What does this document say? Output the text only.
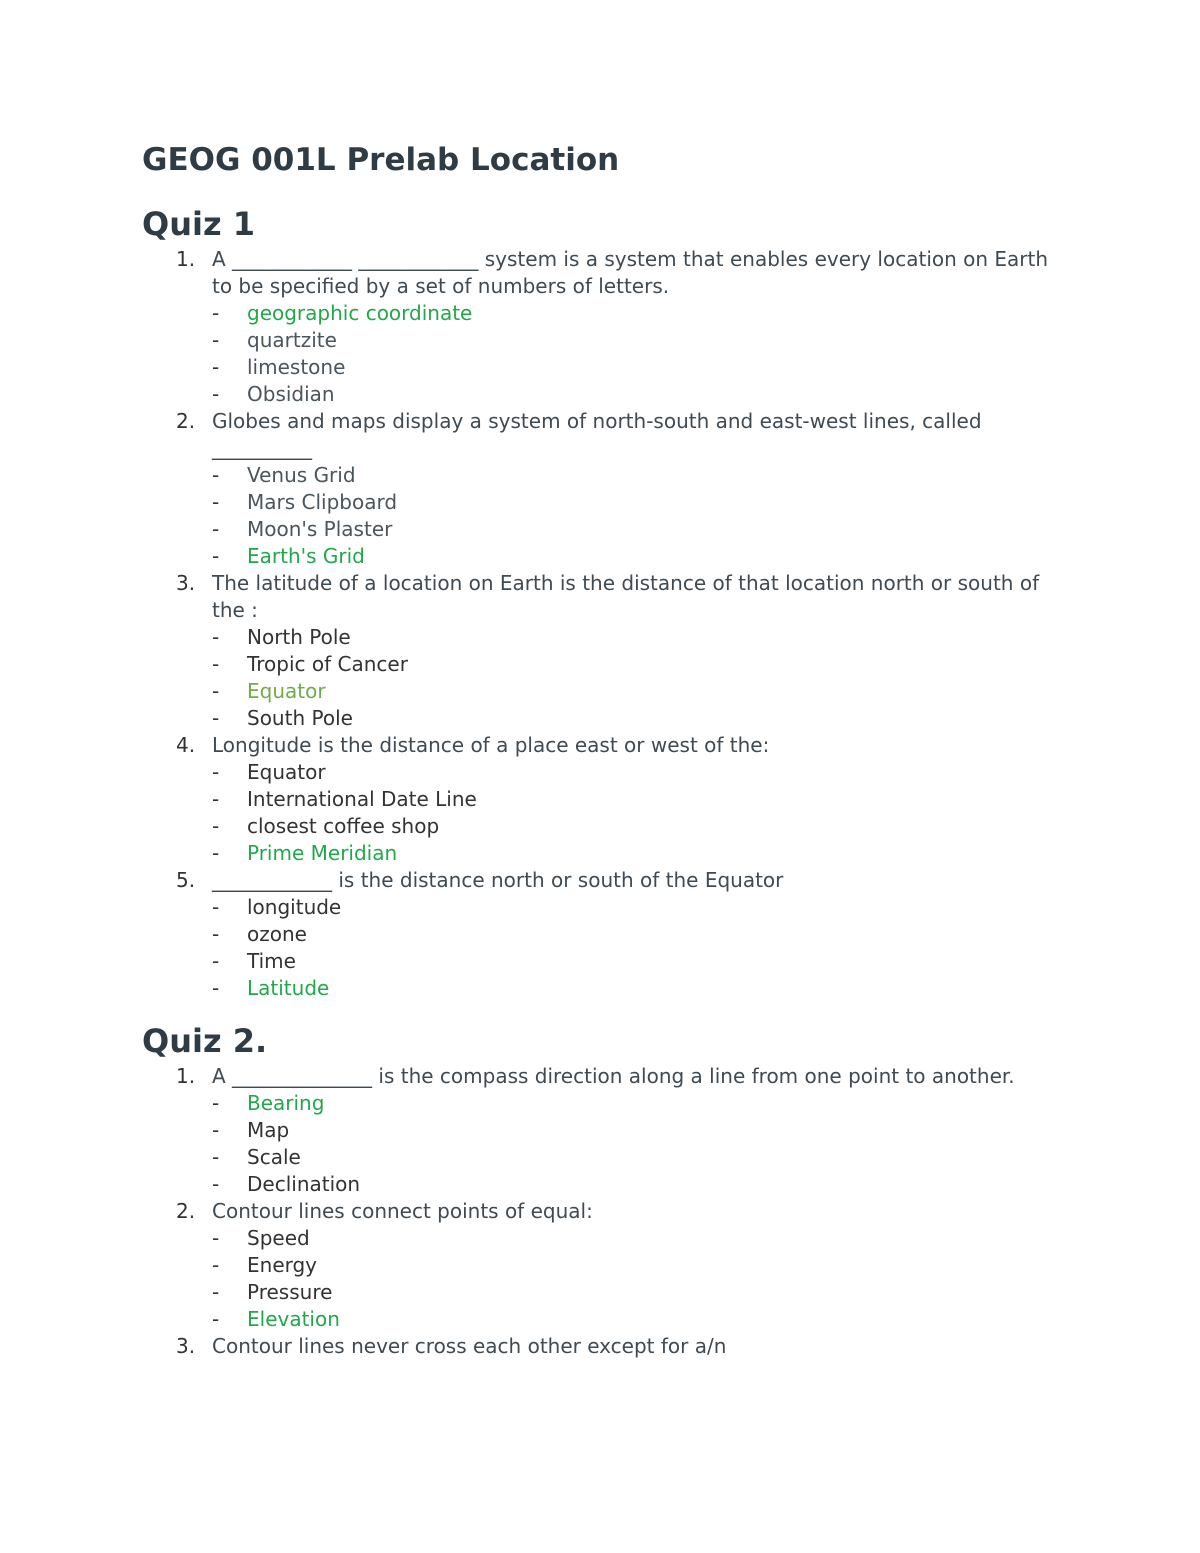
GEOG 001L Prelab Location
Quiz 1
1. A ____________ ____________ system is a system that enables every location on Earth to be specified by a set of numbers of letters.

- geographic coordinate
- quartzite
- limestone
- Obsidian
2. Globes and maps display a system of north-south and east-west lines, called __________

- Venus Grid
- Mars Clipboard
- Moon's Plaster
- Earth's Grid
3. The latitude of a location on Earth is the distance of that location north or south of the :

- North Pole
- Tropic of Cancer
- Equator
- South Pole
4. Longitude is the distance of a place east or west of the:

- Equator
- International Date Line
- closest coffee shop
- Prime Meridian
5. ____________ is the distance north or south of the Equator

- longitude
- ozone
- Time
- Latitude
Quiz 2.
1. A ______________ is the compass direction along a line from one point to another.

- Bearing
- Map
- Scale
- Declination
2. Contour lines connect points of equal:

- Speed
- Energy
- Pressure
- Elevation
3. Contour lines never cross each other except for a/n
